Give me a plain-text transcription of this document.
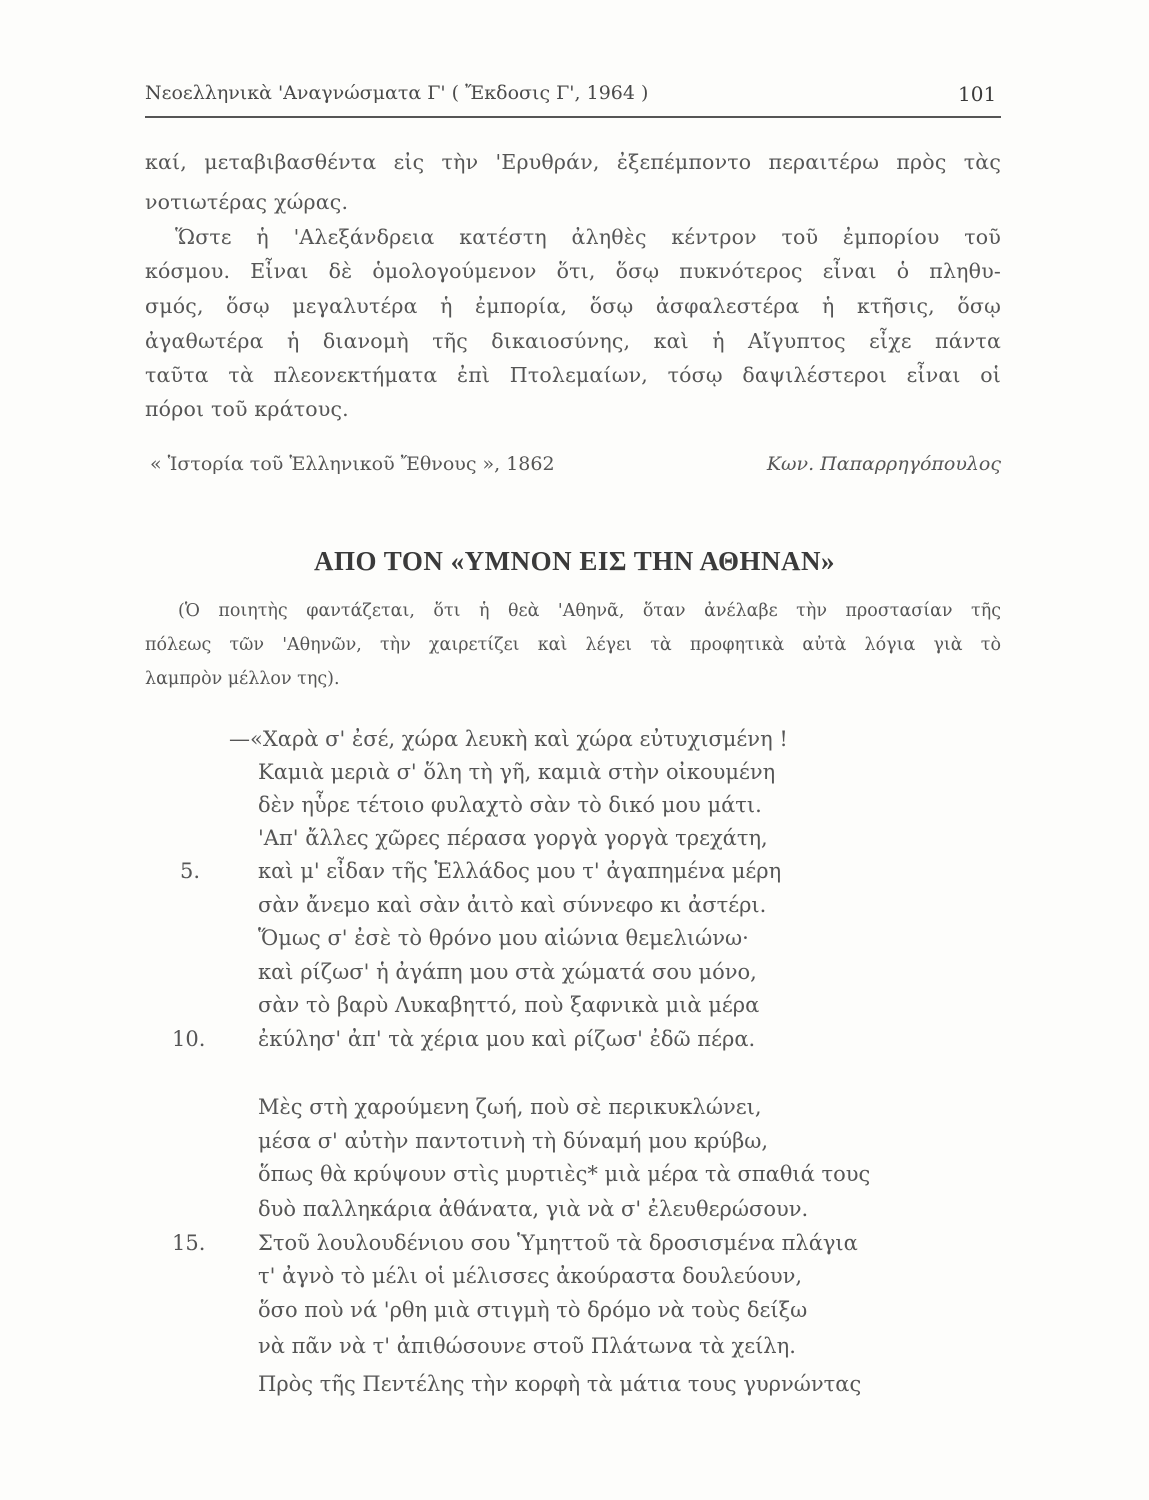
Νεοελληνικὰ 'Αναγνώσματα Γ' ( Ἔκδοσις Γ', 1964 )	101
καί, μεταβιβασθέντα εἰς τὴν 'Ερυθράν, ἐξεπέμποντο περαιτέρω πρὸς τὰς
νοτιωτέρας χώρας.
Ὥστε ἡ 'Αλεξάνδρεια κατέστη ἀληθὲς κέντρον τοῦ ἐμπορίου τοῦ
κόσμου. Εἶναι δὲ ὁμολογούμενον ὅτι, ὅσῳ πυκνότερος εἶναι ὁ πληθυ-
σμός, ὅσῳ μεγαλυτέρα ἡ ἐμπορία, ὅσῳ ἀσφαλεστέρα ἡ κτῆσις, ὅσῳ
ἀγαθωτέρα ἡ διανομὴ τῆς δικαιοσύνης, καὶ ἡ Αἴγυπτος εἶχε πάντα
ταῦτα τὰ πλεονεκτήματα ἐπὶ Πτολεμαίων, τόσῳ δαψιλέστεροι εἶναι οἱ
πόροι τοῦ κράτους.
« Ἱστορία τοῦ Ἑλληνικοῦ Ἔθνους », 1862	Κων. Παπαρρηγόπουλος
ΑΠΟ ΤΟΝ «ΥΜΝΟΝ ΕΙΣ ΤΗΝ ΑΘΗΝΑΝ»
(Ὁ ποιητὴς φαντάζεται, ὅτι ἡ θεὰ 'Αθηνᾶ, ὅταν ἀνέλαβε τὴν προστασίαν τῆς
πόλεως τῶν 'Αθηνῶν, τὴν χαιρετίζει καὶ λέγει τὰ προφητικὰ αὐτὰ λόγια γιὰ τὸ
λαμπρὸν μέλλον της).
—«Χαρὰ σ' ἐσέ, χώρα λευκὴ καὶ χώρα εὐτυχισμένη !
Καμιὰ μεριὰ σ' ὅλη τὴ γῆ, καμιὰ στὴν οἰκουμένη
δὲν ηὗρε τέτοιο φυλαχτὸ σὰν τὸ δικό μου μάτι.
'Απ' ἄλλες χῶρες πέρασα γοργὰ γοργὰ τρεχάτη,
5.	καὶ μ' εἶδαν τῆς Ἑλλάδος μου τ' ἀγαπημένα μέρη
σὰν ἄνεμο καὶ σὰν ἀιτὸ καὶ σύννεφο κι ἀστέρι.
Ὅμως σ' ἐσὲ τὸ θρόνο μου αἰώνια θεμελιώνω·
καὶ ρίζωσ' ἡ ἀγάπη μου στὰ χώματά σου μόνο,
σὰν τὸ βαρὺ Λυκαβηττό, ποὺ ξαφνικὰ μιὰ μέρα
10.	ἐκύλησ' ἀπ' τὰ χέρια μου καὶ ρίζωσ' ἐδῶ πέρα.
Μὲς στὴ χαρούμενη ζωή, ποὺ σὲ περικυκλώνει,
μέσα σ' αὐτὴν παντοτινὴ τὴ δύναμή μου κρύβω,
ὅπως θὰ κρύψουν στὶς μυρτιὲς* μιὰ μέρα τὰ σπαθιά τους
δυὸ παλληκάρια ἀθάνατα, γιὰ νὰ σ' ἐλευθερώσουν.
15.	Στοῦ λουλουδένιου σου Ὑμηττοῦ τὰ δροσισμένα πλάγια
τ' ἀγνὸ τὸ μέλι οἱ μέλισσες ἀκούραστα δουλεύουν,
ὅσο ποὺ νά 'ρθη μιὰ στιγμὴ τὸ δρόμο νὰ τοὺς δείξω
νὰ πᾶν νὰ τ' ἀπιθώσουνε στοῦ Πλάτωνα τὰ χείλη.
Πρὸς τῆς Πεντέλης τὴν κορφὴ τὰ μάτια τους γυρνώντας
